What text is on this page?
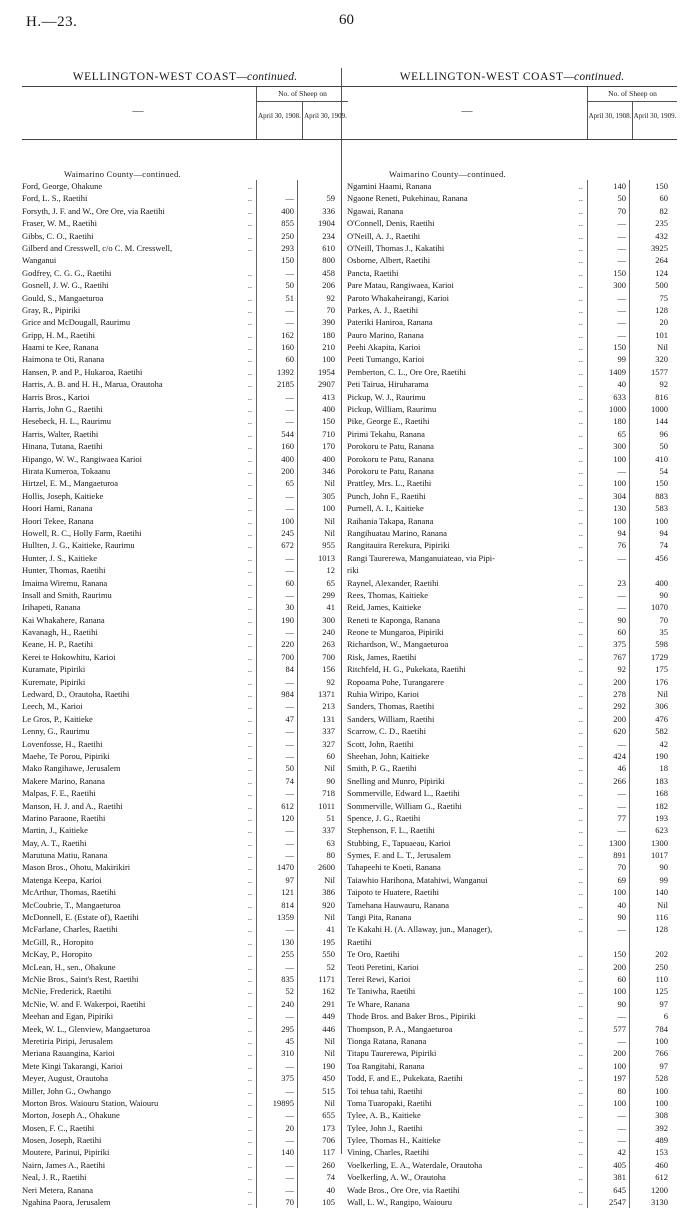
H.—23.	60
WELLINGTON-WEST COAST—continued.
—
No. of Sheep on
April 30, 1908. April 30, 1909.
Waimarino County—continued.
Ford, George, Ohakune	..
Ford, L. S., Raetihi	..	—	59
Forsyth, J. F. and W., Ore Ore, via Raetihi	..	400	336
Fraser, W. M., Raetihi	..	855	1904
Gibbs, C. O., Raetihi	..	250	234
Gilberd and Cresswell, c/o C. M. Cresswell,	..	293	610
Wanganui	150	800
Godfrey, C. G. G., Raetihi	..	—	458
Gosnell, J. W. G., Raetihi	..	50	206
Gould, S., Mangaeturoa	..	51	92
Gray, R., Pipiriki	..	—	70
Grice and McDougall, Raurimu	..	—	390
Gripp, H. M., Raetihi	..	162	180
Haami te Kee, Ranana	..	160	210
Haimona te Oti, Ranana	..	60	100
Hansen, P. and P., Hukaroa, Raetihi	..	1392	1954
Harris, A. B. and H. H., Marua, Orautoha	..	2185	2907
Harris Bros., Karioi	..	—	413
Harris, John G., Raetihi	..	—	400
Hesebeck, H. L., Raurimu	..	—	150
Harris, Walter, Raetihi	..	544	710
Hinana, Tutana, Raetihi	..	160	170
Hipango, W. W., Rangiwaea Karioi	..	400	400
Hirata Kumeroa, Tokaanu	..	200	346
Hirtzel, E. M., Mangaeturoa	..	65	Nil
Hollis, Joseph, Kaitieke	..	—	305
Hoori Hami, Ranana	..	—	100
Hoori Tekee, Ranana	..	100	Nil
Howell, R. C., Holly Farm, Raetihi	..	245	Nil
Hullten, J. G., Kaitieke, Raurimu	..	672	955
Hunter, J. S., Kaitieke	..	—	1013
Hunter, Thomas, Raetihi	..	—	12
Imaima Wiremu, Ranana	..	60	65
Insall and Smith, Raurimu	..	—	299
Irihapeti, Ranana	..	30	41
Kai Whakahere, Ranana	..	190	300
Kavanagh, H., Raetihi	..	—	240
Keane, H. P., Raetihi	..	220	263
Kerei te Hokowhitu, Karioi	..	700	700
Kuramate, Pipiriki	..	84	156
Kuremate, Pipiriki	..	—	92
Ledward, D., Orautoha, Raetihi	..	984	1371
Leech, M., Karioi	..	—	213
Le Gros, P., Kaitieke	..	47	131
Lenny, G., Raurimu	..	—	337
Lovenfosse, H., Raetihi	..	—	327
Maehe, Te Porou, Pipiriki	..	—	60
Mako Rangihawe, Jerusalem	..	50	Nil
Makere Marino, Ranana	..	74	90
Malpas, F. E., Raetihi	..	—	718
Manson, H. J. and A., Raetihi	..	612	1011
Marino Paraone, Raetihi	..	120	51
Martin, J., Kaitieke	..	—	337
May, A. T., Raetihi	..	—	63
Marutuna Matiu, Ranana	..	—	80
Mason Bros., Ohotu, Makirikiri	..	1470	2600
Matenga Keepa, Karioi	..	97	Nil
McArthur, Thomas, Raetihi	..	121	386
McCoubrie, T., Mangaeturoa	..	814	920
McDonnell, E. (Estate of), Raetihi	..	1359	Nil
McFarlane, Charles, Raetihi	..	—	41
McGill, R., Horopito	..	130	195
McKay, P., Horopito	..	255	550
McLean, H., sen., Ohakune	..	—	52
McNie Bros., Saint's Rest, Raetihi	..	835	1171
McNie, Frederick, Raetihi	..	52	162
McNie, W. and F. Wakerpoi, Raetihi	..	240	291
Meehan and Egan, Pipiriki	..	—	449
Meek, W. L., Glenview, Mangaeturoa	..	295	446
Meretiria Piripi, Jerusalem	..	45	Nil
Meriana Rauangina, Karioi	..	310	Nil
Mete Kingi Takarangi, Karioi	..	—	190
Meyer, August, Orautoha	..	375	450
Miller, John G., Owhango	..	—	515
Morton Bros. Waiouru Station, Waiouru	..	19895	Nil
Morton, Joseph A., Ohakune	..	—	655
Mosen, F. C., Raetihi	..	20	173
Mosen, Joseph, Raetihi	..	—	706
Moutere, Parinui, Pipiriki	..	140	117
Nairn, James A., Raetihi	..	—	260
Neal, J. R., Raetihi	..	—	74
Neri Metera, Ranana	..	—	40
Ngahina Paora, Jerusalem	..	70	105
WELLINGTON-WEST COAST—continued.
—
No. of Sheep on
April 30, 1908. April 30, 1909.
Waimarino County—continued.
Ngamini Haami, Ranana	..	140	150
Ngaone Reneti, Pukehinau, Ranana	..	50	60
Ngawai, Ranana	..	70	82
O'Connell, Denis, Raetihi	..	—	235
O'Neill, A. J., Raetihi	..	—	432
O'Neill, Thomas J., Kakatihi	..	—	3925
Osborne, Albert, Raetihi	..	—	264
Pancta, Raetihi	..	150	124
Pare Matau, Rangiwaea, Karioi	..	300	500
Paroto Whakaheirangi, Karioi	..	—	75
Parkes, A. J., Raetihi	..	—	128
Pateriki Haniroa, Ranana	..	—	20
Pauro Marino, Ranana	..	—	101
Peehi Akapita, Karioi	..	150	Nil
Peeti Tumango, Karioi	..	99	320
Pemberton, C. L., Ore Ore, Raetihi	..	1409	1577
Peti Tairua, Hiruharama	..	40	92
Pickup, W. J., Raurimu	..	633	816
Pickup, William, Raurimu	..	1000	1000
Pike, George E., Raetihi	..	180	144
Pirimi Tekahu, Ranana	..	65	96
Porokoru te Patu, Ranana	..	300	50
Porokoru te Patu, Ranana	..	100	410
Porokoru te Patu, Ranana	..	—	54
Prattley, Mrs. L., Raetihi	..	100	150
Punch, John F., Raetihi	..	304	883
Purnell, A. I., Kaitieke	..	130	583
Raihania Takapa, Ranana	..	100	100
Rangihuatau Marino, Ranana	..	94	94
Rangitauira Rerekura, Pipiriki	..	76	74
Rangi Taurerewa, Manganuiateao, via Pipi-	..	—	456
riki
Raynel, Alexander, Raetihi	..	23	400
Rees, Thomas, Kaitieke	..	—	90
Reid, James, Kaitieke	..	—	1070
Reneti te Kaponga, Ranana	..	90	70
Reone te Mungaroa, Pipiriki	..	60	35
Richardson, W., Mangaeturoa	..	375	598
Risk, James, Raetihi	..	767	1729
Ritchfeld, H. G., Pukekata, Raetihi	..	92	175
Ropoama Pohe, Turangarere	..	200	176
Ruhia Wiripo, Karioi	..	278	Nil
Sanders, Thomas, Raetihi	..	292	306
Sanders, William, Raetihi	..	200	476
Scarrow, C. D., Raetihi	..	620	582
Scott, John, Raetihi	..	—	42
Sheehan, John, Kaitieke	..	424	190
Smith, P. G., Raetihi	..	46	18
Snelling and Munro, Pipiriki	..	266	183
Sommerville, Edward L., Raetihi	..	—	168
Sommerville, William G., Raetihi	..	—	182
Spence, J. G., Raetihi	..	77	193
Stephenson, F. L., Raetihi	..	—	623
Stubbing, F., Tapuaeau, Karioi	..	1300	1300
Symes, F. and L. T., Jerusalem	..	891	1017
Tahapeehi te Koeti, Ranana	..	70	90
Taiawhio Harihona, Matahiwi, Wanganui	..	69	99
Taipoto te Huatere, Raetihi	..	100	140
Tamehana Hauwauru, Ranana	..	40	Nil
Tangi Pita, Ranana	..	90	116
Te Kakahi H. (A. Allaway, jun., Manager),	..	—	128
Raetihi
Te Oro, Raetihi	..	150	202
Teoti Peretini, Karioi	..	200	250
Terei Rewi, Karioi	..	60	110
Te Taniwha, Raetihi	..	100	125
Te Whare, Ranana	..	90	97
Thode Bros. and Baker Bros., Pipiriki	..	—	6
Thompson, P. A., Mangaeturoa	..	577	784
Tionga Ratana, Ranana	..	—	100
Titapu Taurerewa, Pipiriki	..	200	766
Toa Rangitahi, Ranana	..	100	97
Todd, F. and E., Pukekata, Raetihi	..	197	528
Toi tehua tahi, Raetihi	..	80	100
Toma Tuaropaki, Raetihi	..	100	100
Tylee, A. B., Kaitieke	..	—	308
Tylee, John J., Raetihi	..	—	392
Tylee, Thomas H., Kaitieke	..	—	489
Vining, Charles, Raetihi	..	42	153
Voelkerling, E. A., Waterdale, Orautoha	..	405	460
Voelkerling, A. W., Orautoha	..	381	612
Wade Bros., Ore Ore, via Raetihi	..	645	1200
Wall, L. W., Rangipo, Waiouru	..	2547	3130
